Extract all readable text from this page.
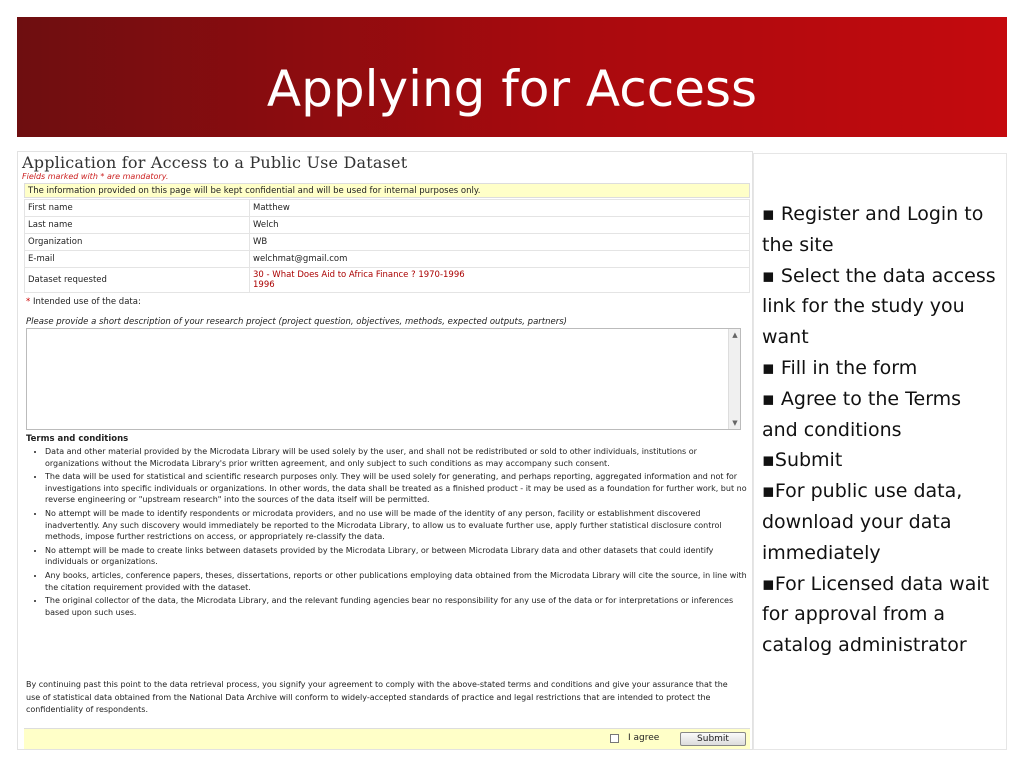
Applying for Access
Application for Access to a Public Use Dataset
Fields marked with * are mandatory.
The information provided on this page will be kept confidential and will be used for internal purposes only.
First name	Matthew
Last name	Welch
Organization	WB
E-mail	welchmat@gmail.com
Dataset requested	30 - What Does Aid to Africa Finance ? 1970-1996
1996
* Intended use of the data:
Please provide a short description of your research project (project question, objectives, methods, expected outputs, partners)
▲
▼
Terms and conditions
• Data and other material provided by the Microdata Library will be used solely by the user, and shall not be redistributed or sold to other individuals, institutions or organizations without the Microdata Library's prior written agreement, and only subject to such conditions as may accompany such consent.
• The data will be used for statistical and scientific research purposes only. They will be used solely for generating, and perhaps reporting, aggregated information and not for investigations into specific individuals or organizations. In other words, the data shall be treated as a finished product - it may be used as a foundation for further work, but no reverse engineering or "upstream research" into the sources of the data itself will be permitted.
• No attempt will be made to identify respondents or microdata providers, and no use will be made of the identity of any person, facility or establishment discovered inadvertently. Any such discovery would immediately be reported to the Microdata Library, to allow us to evaluate further use, apply further statistical disclosure control methods, impose further restrictions on access, or appropriately re-classify the data.
• No attempt will be made to create links between datasets provided by the Microdata Library, or between Microdata Library data and other datasets that could identify individuals or organizations.
• Any books, articles, conference papers, theses, dissertations, reports or other publications employing data obtained from the Microdata Library will cite the source, in line with the citation requirement provided with the dataset.
• The original collector of the data, the Microdata Library, and the relevant funding agencies bear no responsibility for any use of the data or for interpretations or inferences based upon such uses.
By continuing past this point to the data retrieval process, you signify your agreement to comply with the above-stated terms and conditions and give your assurance that the use of statistical data obtained from the National Data Archive will conform to widely-accepted standards of practice and legal restrictions that are intended to protect the confidentiality of respondents.
I agree	Submit
▪ Register and Login to the site
▪ Select the data access link for the study you want
▪ Fill in the form
▪ Agree to the Terms and conditions
▪Submit
▪For public use data, download your data immediately
▪For Licensed data wait for approval from a catalog administrator
